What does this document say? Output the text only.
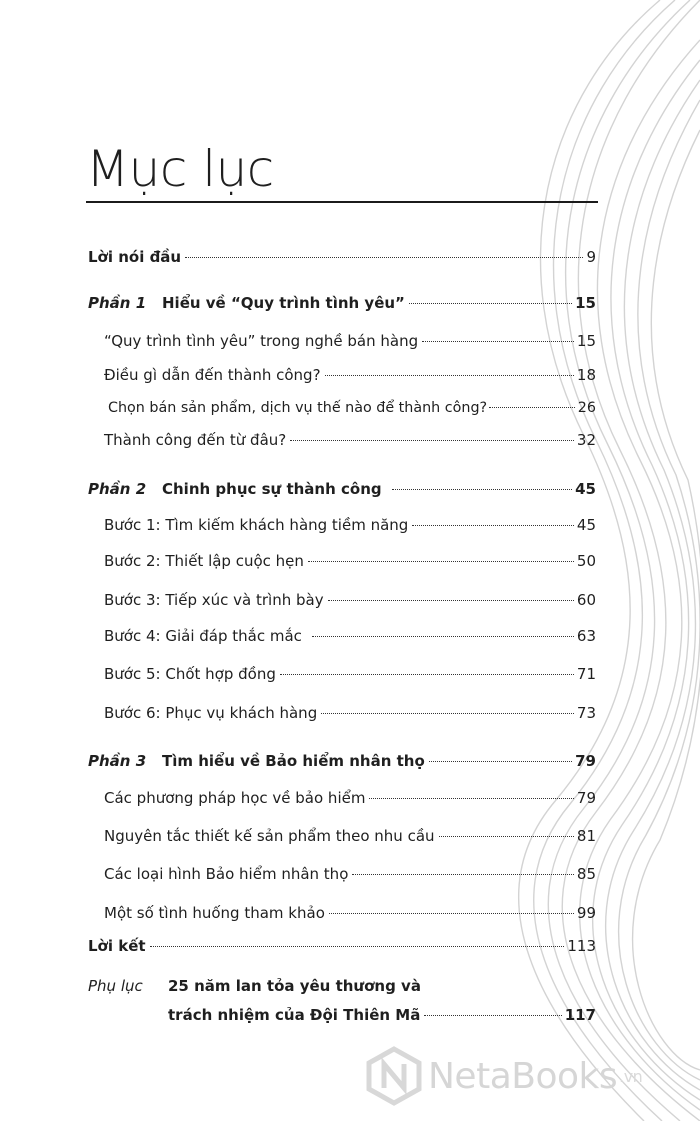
Mục lục
Lời nói đầu	9
Phần 1 Hiểu về “Quy trình tình yêu”	15
“Quy trình tình yêu” trong nghề bán hàng	15
Điều gì dẫn đến thành công?	18
Chọn bán sản phẩm, dịch vụ thế nào để thành công?	26
Thành công đến từ đâu?	32
Phần 2 Chinh phục sự thành công	45
Bước 1: Tìm kiếm khách hàng tiềm năng	45
Bước 2: Thiết lập cuộc hẹn	50
Bước 3: Tiếp xúc và trình bày	60
Bước 4: Giải đáp thắc mắc	63
Bước 5: Chốt hợp đồng	71
Bước 6: Phục vụ khách hàng	73
Phần 3 Tìm hiểu về Bảo hiểm nhân thọ	79
Các phương pháp học về bảo hiểm	79
Nguyên tắc thiết kế sản phẩm theo nhu cầu	81
Các loại hình Bảo hiểm nhân thọ	85
Một số tình huống tham khảo	99
Lời kết	113
Phụ lục 25 năm lan tỏa yêu thương và
trách nhiệm của Đội Thiên Mã	117
NetaBooks .vn
